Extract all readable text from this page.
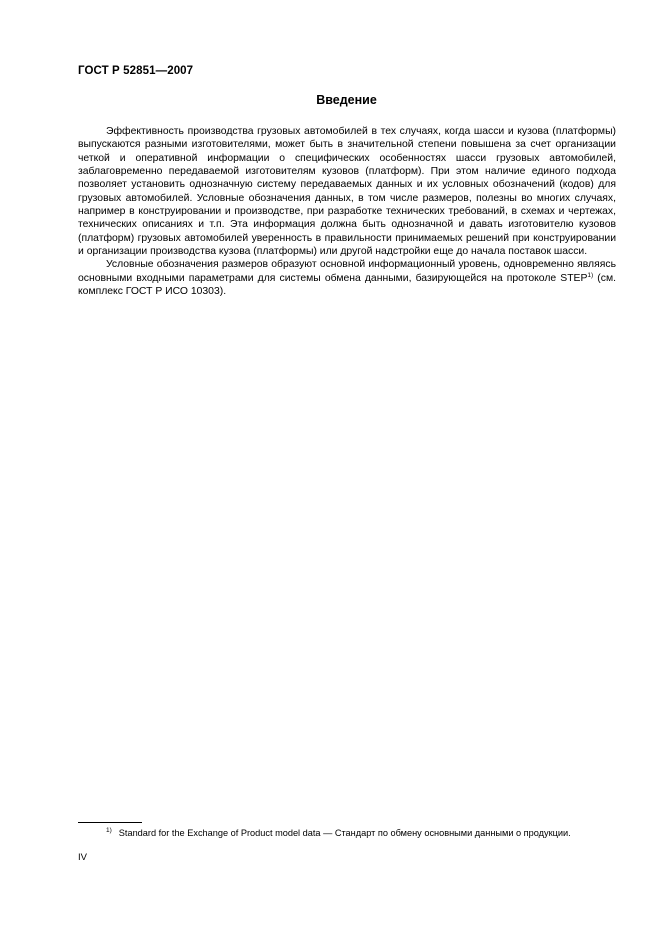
ГОСТ Р 52851—2007
Введение

Эффективность производства грузовых автомобилей в тех случаях, когда шасси и кузова (платформы) выпускаются разными изготовителями, может быть в значительной степени повышена за счет организации четкой и оперативной информации о специфических особенностях шасси грузовых автомобилей, заблаговременно передаваемой изготовителям кузовов (платформ). При этом наличие единого подхода позволяет установить однозначную систему передаваемых данных и их условных обозначений (кодов) для грузовых автомобилей. Условные обозначения данных, в том числе размеров, полезны во многих случаях, например в конструировании и производстве, при разработке технических требований, в схемах и чертежах, технических описаниях и т.п. Эта информация должна быть однозначной и давать изготовителю кузовов (платформ) грузовых автомобилей уверенность в правильности принимаемых решений при конструировании и организации производства кузова (платформы) или другой надстройки еще до начала поставок шасси.

Условные обозначения размеров образуют основной информационный уровень, одновременно являясь основными входными параметрами для системы обмена данными, базирующейся на протоколе STEP$^{1)}$ (см. комплекс ГОСТ Р ИСО 10303).

$^{1)}$ Standard for the Exchange of Product model data — Стандарт по обмену основными данными о продукции.
IV
